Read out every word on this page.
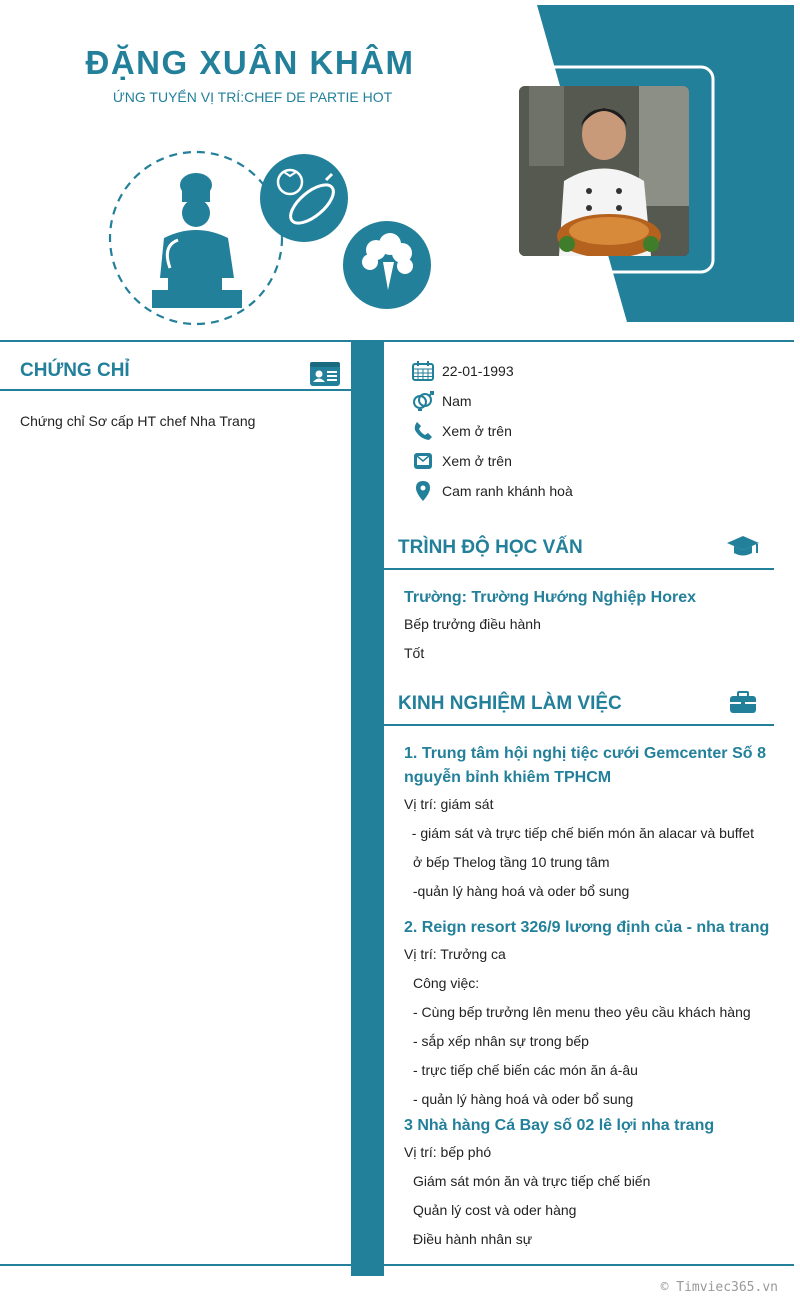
ĐẶNG XUÂN KHÂM
ỨNG TUYỂN VỊ TRÍ:CHEF DE PARTIE HOT
CHỨNG CHỈ
Chứng chỉ Sơ cấp HT chef Nha Trang
22-01-1993
Nam
Xem ở trên
Xem ở trên
Cam ranh khánh hoà
TRÌNH ĐỘ HỌC VẤN
Trường: Trường Hướng Nghiệp Horex
Bếp trưởng điều hành
Tốt
KINH NGHIỆM LÀM VIỆC
1. Trung tâm hội nghị tiệc cưới Gemcenter Số 8 nguyễn bỉnh khiêm TPHCM
Vị trí: giám sát
- giám sát và trực tiếp chế biến món ăn alacar và buffet
ở bếp Thelog tầng 10 trung tâm
-quản lý hàng hoá và oder bổ sung
2. Reign resort 326/9 lương định của - nha trang
Vị trí: Trưởng ca
Công việc:
- Cùng bếp trưởng lên menu theo yêu cầu khách hàng
- sắp xếp nhân sự trong bếp
- trực tiếp chế biến các món ăn á-âu
- quản lý hàng hoá và oder bổ sung
3 Nhà hàng Cá Bay số 02 lê lợi nha trang
Vị trí: bếp phó
Giám sát món ăn và trực tiếp chế biến
Quản lý cost và oder hàng
Điều hành nhân sự
© Timviec365.vn
